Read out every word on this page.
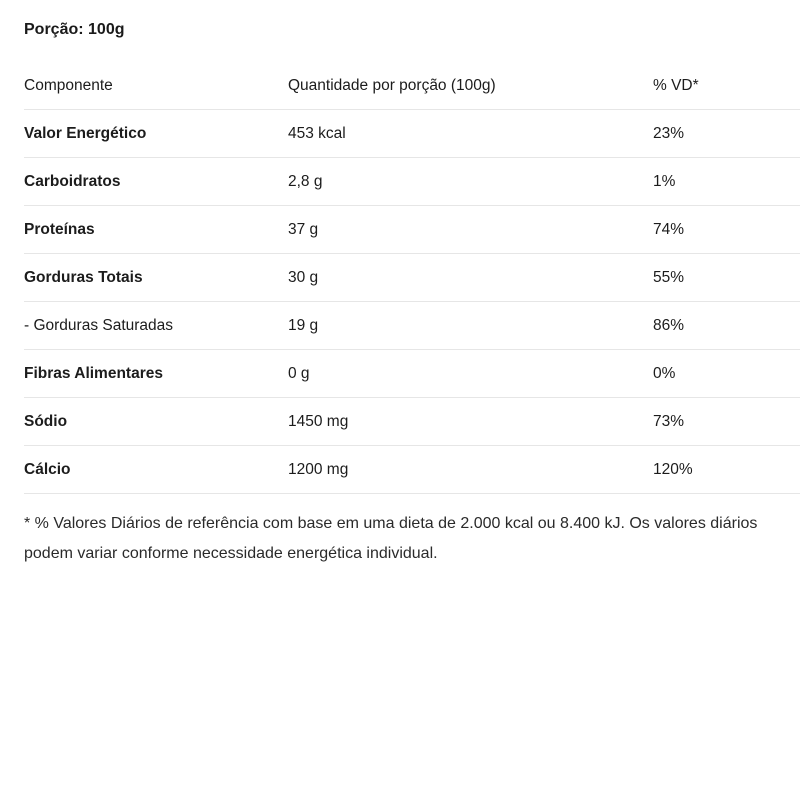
Porção: 100g
Componente	Quantidade por porção (100g)	% VD*
Valor Energético	453 kcal	23%
Carboidratos	2,8 g	1%
Proteínas	37 g	74%
Gorduras Totais	30 g	55%
- Gorduras Saturadas	19 g	86%
Fibras Alimentares	0 g	0%
Sódio	1450 mg	73%
Cálcio	1200 mg	120%
* % Valores Diários de referência com base em uma dieta de 2.000 kcal ou 8.400 kJ. Os valores diários podem variar conforme necessidade energética individual.
